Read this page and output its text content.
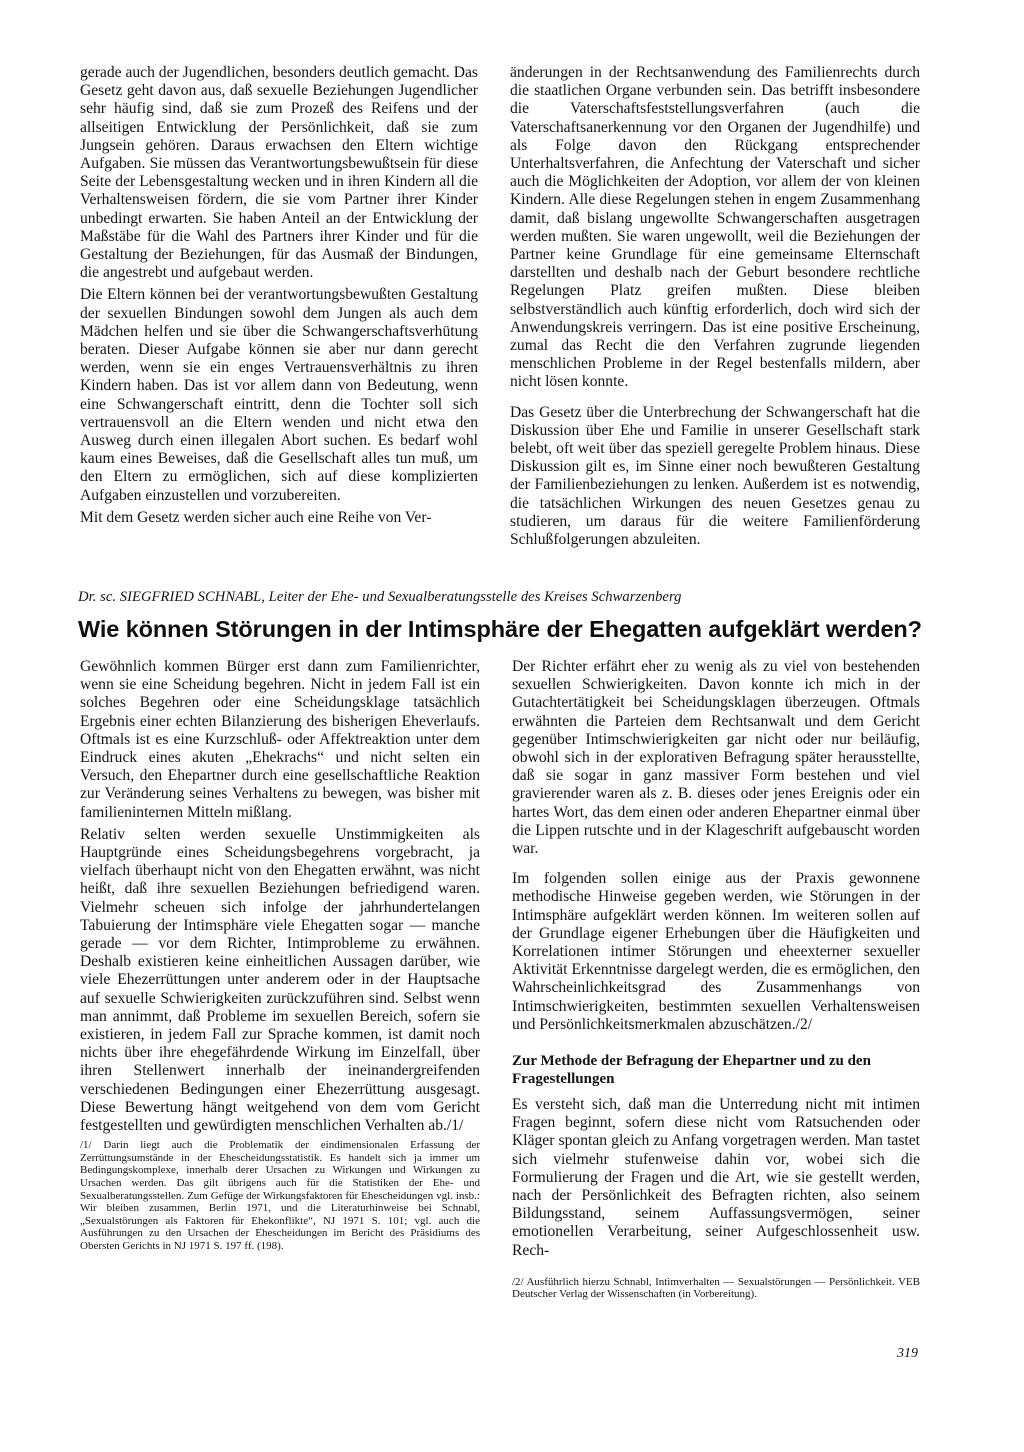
gerade auch der Jugendlichen, besonders deutlich gemacht. Das Gesetz geht davon aus, daß sexuelle Beziehungen Jugendlicher sehr häufig sind, daß sie zum Prozeß des Reifens und der allseitigen Entwicklung der Persönlichkeit, daß sie zum Jungsein gehören. Daraus erwachsen den Eltern wichtige Aufgaben. Sie müssen das Verantwortungsbewußtsein für diese Seite der Lebensgestaltung wecken und in ihren Kindern all die Verhaltensweisen fördern, die sie vom Partner ihrer Kinder unbedingt erwarten. Sie haben Anteil an der Entwicklung der Maßstäbe für die Wahl des Partners ihrer Kinder und für die Gestaltung der Beziehungen, für das Ausmaß der Bindungen, die angestrebt und aufgebaut werden.

Die Eltern können bei der verantwortungsbewußten Gestaltung der sexuellen Bindungen sowohl dem Jungen als auch dem Mädchen helfen und sie über die Schwangerschaftsverhütung beraten. Dieser Aufgabe können sie aber nur dann gerecht werden, wenn sie ein enges Vertrauensverhältnis zu ihren Kindern haben. Das ist vor allem dann von Bedeutung, wenn eine Schwangerschaft eintritt, denn die Tochter soll sich vertrauensvoll an die Eltern wenden und nicht etwa den Ausweg durch einen illegalen Abort suchen. Es bedarf wohl kaum eines Beweises, daß die Gesellschaft alles tun muß, um den Eltern zu ermöglichen, sich auf diese komplizierten Aufgaben einzustellen und vorzubereiten.

Mit dem Gesetz werden sicher auch eine Reihe von Ver-

änderungen in der Rechtsanwendung des Familienrechts durch die staatlichen Organe verbunden sein. Das betrifft insbesondere die Vaterschaftsfeststellungsverfahren (auch die Vaterschaftsanerkennung vor den Organen der Jugendhilfe) und als Folge davon den Rückgang entsprechender Unterhaltsverfahren, die Anfechtung der Vaterschaft und sicher auch die Möglichkeiten der Adoption, vor allem der von kleinen Kindern. Alle diese Regelungen stehen in engem Zusammenhang damit, daß bislang ungewollte Schwangerschaften ausgetragen werden mußten. Sie waren ungewollt, weil die Beziehungen der Partner keine Grundlage für eine gemeinsame Elternschaft darstellten und deshalb nach der Geburt besondere rechtliche Regelungen Platz greifen mußten. Diese bleiben selbstverständlich auch künftig erforderlich, doch wird sich der Anwendungskreis verringern. Das ist eine positive Erscheinung, zumal das Recht die den Verfahren zugrunde liegenden menschlichen Probleme in der Regel bestenfalls mildern, aber nicht lösen konnte.

Das Gesetz über die Unterbrechung der Schwangerschaft hat die Diskussion über Ehe und Familie in unserer Gesellschaft stark belebt, oft weit über das speziell geregelte Problem hinaus. Diese Diskussion gilt es, im Sinne einer noch bewußteren Gestaltung der Familienbeziehungen zu lenken. Außerdem ist es notwendig, die tatsächlichen Wirkungen des neuen Gesetzes genau zu studieren, um daraus für die weitere Familienförderung Schlußfolgerungen abzuleiten.

Dr. sc. SIEGFRIED SCHNABL, Leiter der Ehe- und Sexualberatungsstelle des Kreises Schwarzenberg
Wie können Störungen in der Intimsphäre der Ehegatten aufgeklärt werden?

Gewöhnlich kommen Bürger erst dann zum Familienrichter, wenn sie eine Scheidung begehren. Nicht in jedem Fall ist ein solches Begehren oder eine Scheidungsklage tatsächlich Ergebnis einer echten Bilanzierung des bisherigen Eheverlaufs. Oftmals ist es eine Kurzschluß- oder Affektreaktion unter dem Eindruck eines akuten „Ehekrachs“ und nicht selten ein Versuch, den Ehepartner durch eine gesellschaftliche Reaktion zur Veränderung seines Verhaltens zu bewegen, was bisher mit familieninternen Mitteln mißlang.

Relativ selten werden sexuelle Unstimmigkeiten als Hauptgründe eines Scheidungsbegehrens vorgebracht, ja vielfach überhaupt nicht von den Ehegatten erwähnt, was nicht heißt, daß ihre sexuellen Beziehungen befriedigend waren. Vielmehr scheuen sich infolge der jahrhundertelangen Tabuierung der Intimsphäre viele Ehegatten sogar — manche gerade — vor dem Richter, Intimprobleme zu erwähnen. Deshalb existieren keine einheitlichen Aussagen darüber, wie viele Ehezerrüttungen unter anderem oder in der Hauptsache auf sexuelle Schwierigkeiten zurückzuführen sind. Selbst wenn man annimmt, daß Probleme im sexuellen Bereich, sofern sie existieren, in jedem Fall zur Sprache kommen, ist damit noch nichts über ihre ehegefährdende Wirkung im Einzelfall, über ihren Stellenwert innerhalb der ineinandergreifenden verschiedenen Bedingungen einer Ehezerrüttung ausgesagt. Diese Bewertung hängt weitgehend von dem vom Gericht festgestellten und gewürdigten menschlichen Verhalten ab./1/

/1/ Darin liegt auch die Problematik der eindimensionalen Erfassung der Zerrüttungsumstände in der Ehescheidungsstatistik. Es handelt sich ja immer um Bedingungskomplexe, innerhalb derer Ursachen zu Wirkungen und Wirkungen zu Ursachen werden. Das gilt übrigens auch für die Statistiken der Ehe- und Sexualberatungsstellen. Zum Gefüge der Wirkungsfaktoren für Ehescheidungen vgl. insb.: Wir bleiben zusammen, Berlin 1971, und die Literaturhinweise bei Schnabl, „Sexualstörungen als Faktoren für Ehekonflikte“, NJ 1971 S. 101; vgl. auch die Ausführungen zu den Ursachen der Ehescheidungen im Bericht des Präsidiums des Obersten Gerichts in NJ 1971 S. 197 ff. (198).

Der Richter erfährt eher zu wenig als zu viel von bestehenden sexuellen Schwierigkeiten. Davon konnte ich mich in der Gutachtertätigkeit bei Scheidungsklagen überzeugen. Oftmals erwähnten die Parteien dem Rechtsanwalt und dem Gericht gegenüber Intimschwierigkeiten gar nicht oder nur beiläufig, obwohl sich in der explorativen Befragung später herausstellte, daß sie sogar in ganz massiver Form bestehen und viel gravierender waren als z. B. dieses oder jenes Ereignis oder ein hartes Wort, das dem einen oder anderen Ehepartner einmal über die Lippen rutschte und in der Klageschrift aufgebauscht worden war.

Im folgenden sollen einige aus der Praxis gewonnene methodische Hinweise gegeben werden, wie Störungen in der Intimsphäre aufgeklärt werden können. Im weiteren sollen auf der Grundlage eigener Erhebungen über die Häufigkeiten und Korrelationen intimer Störungen und eheexterner sexueller Aktivität Erkenntnisse dargelegt werden, die es ermöglichen, den Wahrscheinlichkeitsgrad des Zusammenhangs von Intimschwierigkeiten, bestimmten sexuellen Verhaltensweisen und Persönlichkeitsmerkmalen abzuschätzen./2/

Zur Methode der Befragung der Ehepartner und zu den Fragestellungen

Es versteht sich, daß man die Unterredung nicht mit intimen Fragen beginnt, sofern diese nicht vom Ratsuchenden oder Kläger spontan gleich zu Anfang vorgetragen werden. Man tastet sich vielmehr stufenweise dahin vor, wobei sich die Formulierung der Fragen und die Art, wie sie gestellt werden, nach der Persönlichkeit des Befragten richten, also seinem Bildungsstand, seinem Auffassungsvermögen, seiner emotionellen Verarbeitung, seiner Aufgeschlossenheit usw. Rech-

/2/ Ausführlich hierzu Schnabl, Intimverhalten — Sexualstörungen — Persönlichkeit. VEB Deutscher Verlag der Wissenschaften (in Vorbereitung).

319
